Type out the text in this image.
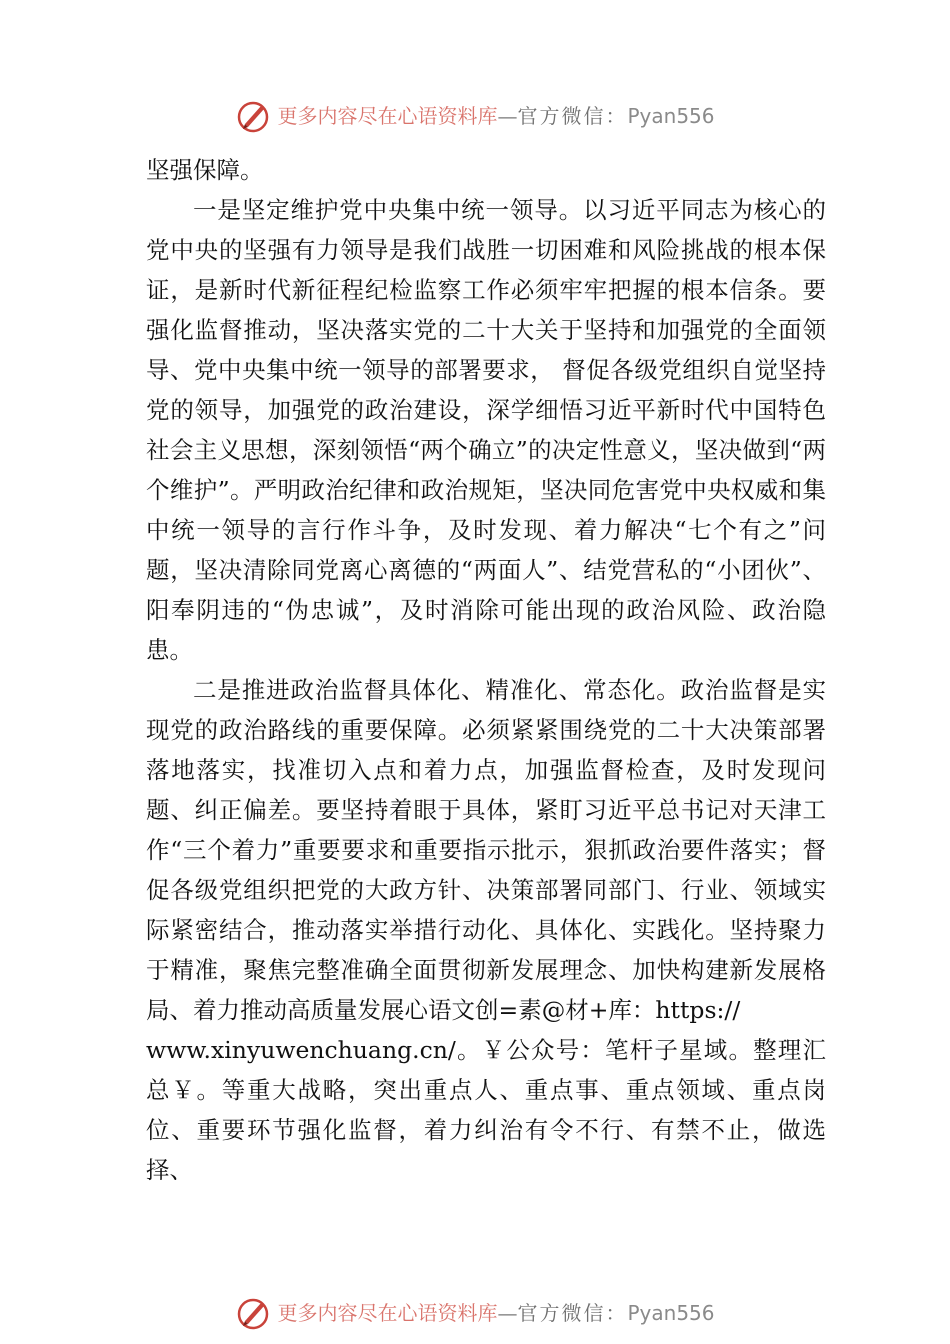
更多内容尽在心语资料库 — 官方微信： Pyan556

坚强保障。

一是坚定维护党中央集中统一领导。以习近平同志为核心的党中央的坚强有力领导是我们战胜一切困难和风险挑战的根本保证，是新时代新征程纪检监察工作必须牢牢把握的根本信条。要强化监督推动，坚决落实党的二十大关于坚持和加强党的全面领导、党中央集中统一领导的部署要求， 督促各级党组织自觉坚持党的领导，加强党的政治建设，深学细悟习近平新时代中国特色社会主义思想，深刻领悟“两个确立”的决定性意义，坚决做到“两个维护”。严明政治纪律和政治规矩，坚决同危害党中央权威和集中统一领导的言行作斗争，及时发现、着力解决“七个有之”问题，坚决清除同党离心离德的“两面人”、结党营私的“小团伙”、阳奉阴违的“伪忠诚”，及时消除可能出现的政治风险、政治隐患。

二是推进政治监督具体化、精准化、常态化。政治监督是实现党的政治路线的重要保障。必须紧紧围绕党的二十大决策部署落地落实，找准切入点和着力点，加强监督检查，及时发现问题、纠正偏差。要坚持着眼于具体，紧盯习近平总书记对天津工作“三个着力”重要要求和重要指示批示，狠抓政治要件落实；督促各级党组织把党的大政方针、决策部署同部门、行业、领域实际紧密结合，推动落实举措行动化、具体化、实践化。坚持聚力于精准，聚焦完整准确全面贯彻新发展理念、加快构建新发展格局、着力推动高质量发展心语文创=素@材+库：https://

www.xinyuwenchuang.cn/。￥公众号：笔杆子星域。整理汇总￥。等重大战略，突出重点人、重点事、重点领域、重点岗位、重要环节强化监督，着力纠治有令不行、有禁不止，做选择、

更多内容尽在心语资料库 — 官方微信： Pyan556
